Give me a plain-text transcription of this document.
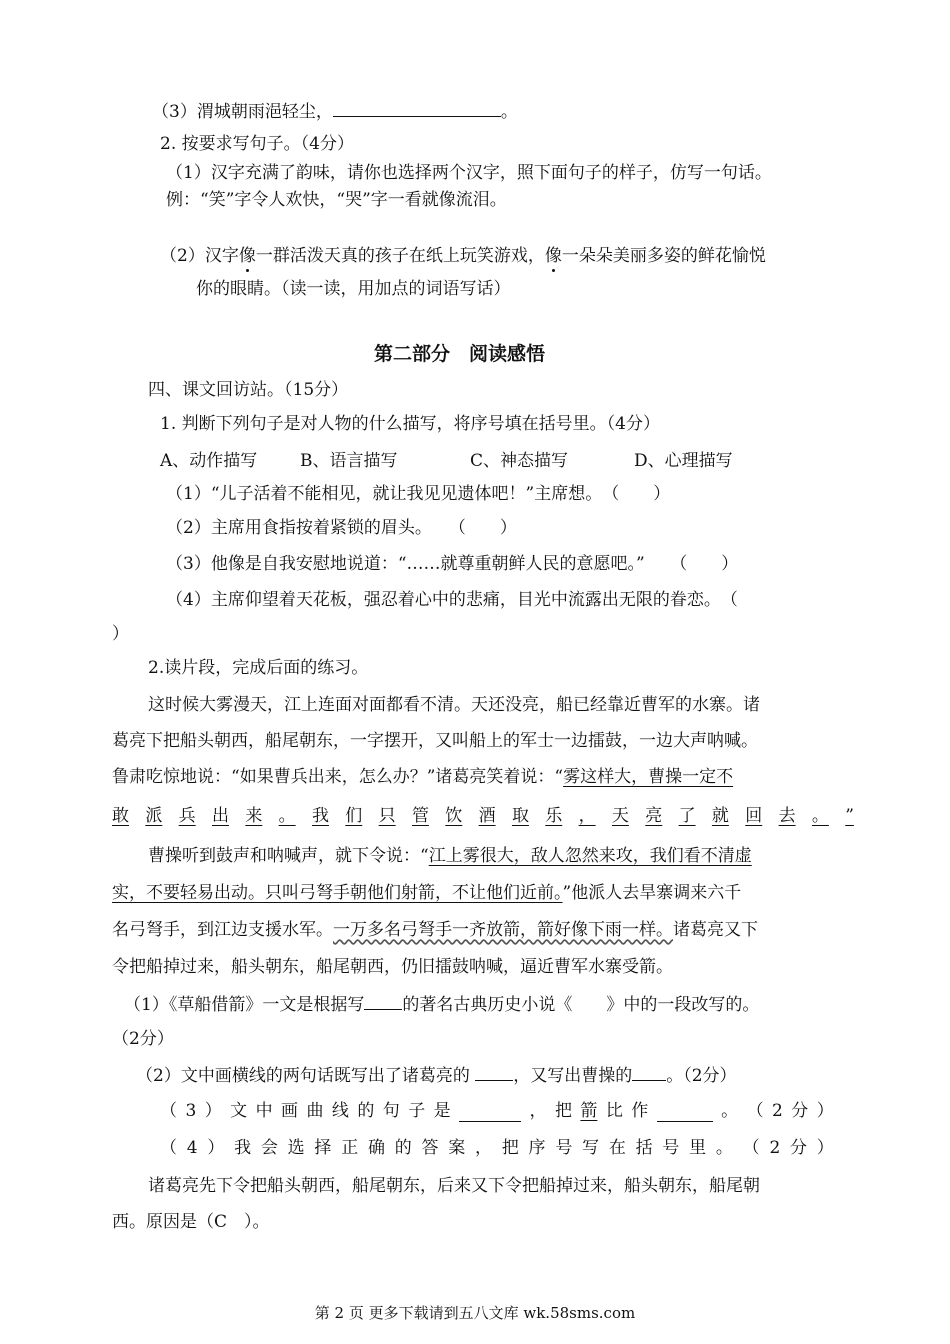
（3）渭城朝雨浥轻尘，	。
2. 按要求写句子。（4分）
（1）汉字充满了韵味，请你也选择两个汉字，照下面句子的样子，仿写一句话。
例：“笑”字令人欢快，“哭”字一看就像流泪。
（2）汉字像一群活泼天真的孩子在纸上玩笑游戏，像一朵朵美丽多姿的鲜花愉悦
你的眼睛。（读一读，用加点的词语写话）
第二部分　阅读感悟
四、课文回访站。（15分）
1. 判断下列句子是对人物的什么描写，将序号填在括号里。（4分）
A、动作描写	B、语言描写	C、神态描写	D、心理描写
（1）“儿子活着不能相见，就让我见见遗体吧！”主席想。　（　　）
（2）主席用食指按着紧锁的眉头。　　（　　）
（3）他像是自我安慰地说道：“……就尊重朝鲜人民的意愿吧。”　　（　　）
（4）主席仰望着天花板，强忍着心中的悲痛，目光中流露出无限的眷恋。　（
）
2.读片段，完成后面的练习。
这时候大雾漫天，江上连面对面都看不清。天还没亮，船已经靠近曹军的水寨。诸
葛亮下把船头朝西，船尾朝东，一字摆开，又叫船上的军士一边擂鼓，一边大声呐喊。
鲁肃吃惊地说：“如果曹兵出来，怎么办？”诸葛亮笑着说：“雾这样大，曹操一定不
敢 派 兵 出 来 。 我 们 只 管 饮 酒 取 乐 ， 天 亮 了 就 回 去 。 ”
曹操听到鼓声和呐喊声，就下令说：“江上雾很大，敌人忽然来攻，我们看不清虚
实，不要轻易出动。只叫弓弩手朝他们射箭，不让他们近前。”他派人去旱寨调来六千
名弓弩手，到江边支援水军。一万多名弓弩手一齐放箭，箭好像下雨一样。诸葛亮又下
令把船掉过来，船头朝东，船尾朝西，仍旧擂鼓呐喊，逼近曹军水寨受箭。
（1）《草船借箭》一文是根据写 的著名古典历史小说《　　》中的一段改写的。
（2分）
（2）文中画横线的两句话既写出了诸葛亮的	，又写出曹操的 。（2分）
（ 3 ） 文 中 画 曲 线 的 句 子 是	， 把 箭 比 作	。 （ 2 分 ）
（ 4 ） 我 会 选 择 正 确 的 答 案 ， 把 序 号 写 在 括 号 里 。 （ 2 分 ）
诸葛亮先下令把船头朝西，船尾朝东，后来又下令把船掉过来，船头朝东，船尾朝
西。原因是（C　）。
第 2 页 更多下载请到五八文库 wk.58sms.com
